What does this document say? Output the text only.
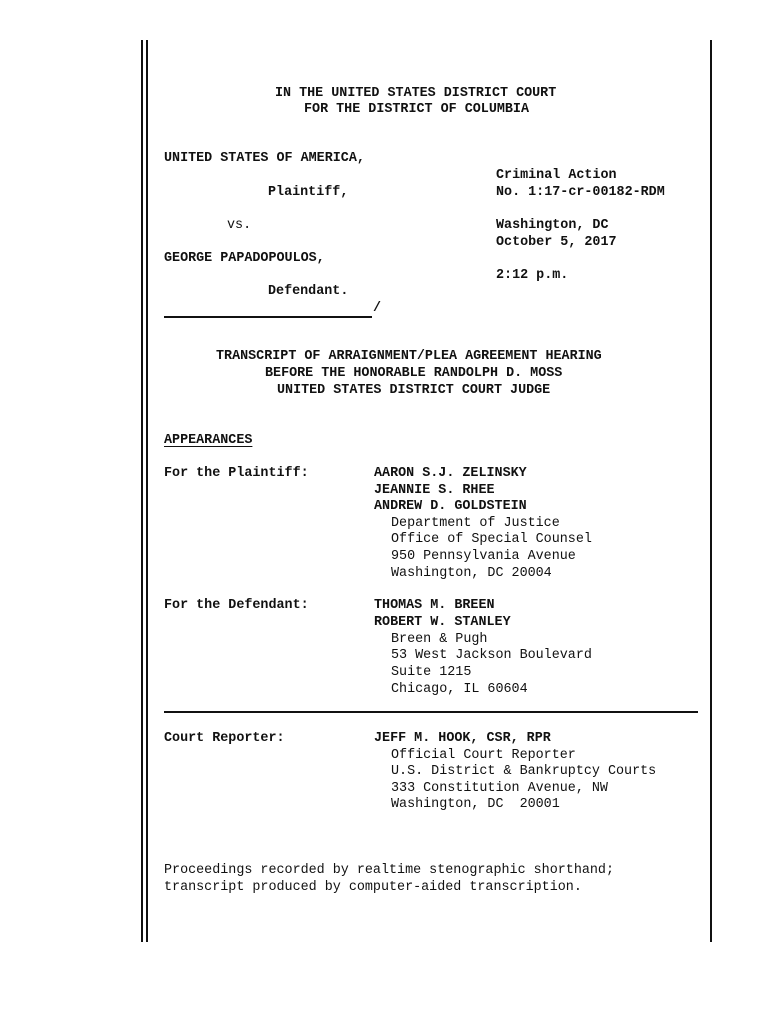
IN THE UNITED STATES DISTRICT COURT
FOR THE DISTRICT OF COLUMBIA
UNITED STATES OF AMERICA,
Plaintiff,
vs.
GEORGE PAPADOPOULOS,
Defendant.
/
Criminal Action
No. 1:17-cr-00182-RDM
Washington, DC
October 5, 2017
2:12 p.m.
TRANSCRIPT OF ARRAIGNMENT/PLEA AGREEMENT HEARING
BEFORE THE HONORABLE RANDOLPH D. MOSS
UNITED STATES DISTRICT COURT JUDGE
APPEARANCES
For the Plaintiff:	AARON S.J. ZELINSKY
JEANNIE S. RHEE
ANDREW D. GOLDSTEIN
Department of Justice
Office of Special Counsel
950 Pennsylvania Avenue
Washington, DC 20004
For the Defendant:	THOMAS M. BREEN
ROBERT W. STANLEY
Breen & Pugh
53 West Jackson Boulevard
Suite 1215
Chicago, IL 60604
Court Reporter:	JEFF M. HOOK, CSR, RPR
Official Court Reporter
U.S. District & Bankruptcy Courts
333 Constitution Avenue, NW
Washington, DC  20001
Proceedings recorded by realtime stenographic shorthand;
transcript produced by computer-aided transcription.
